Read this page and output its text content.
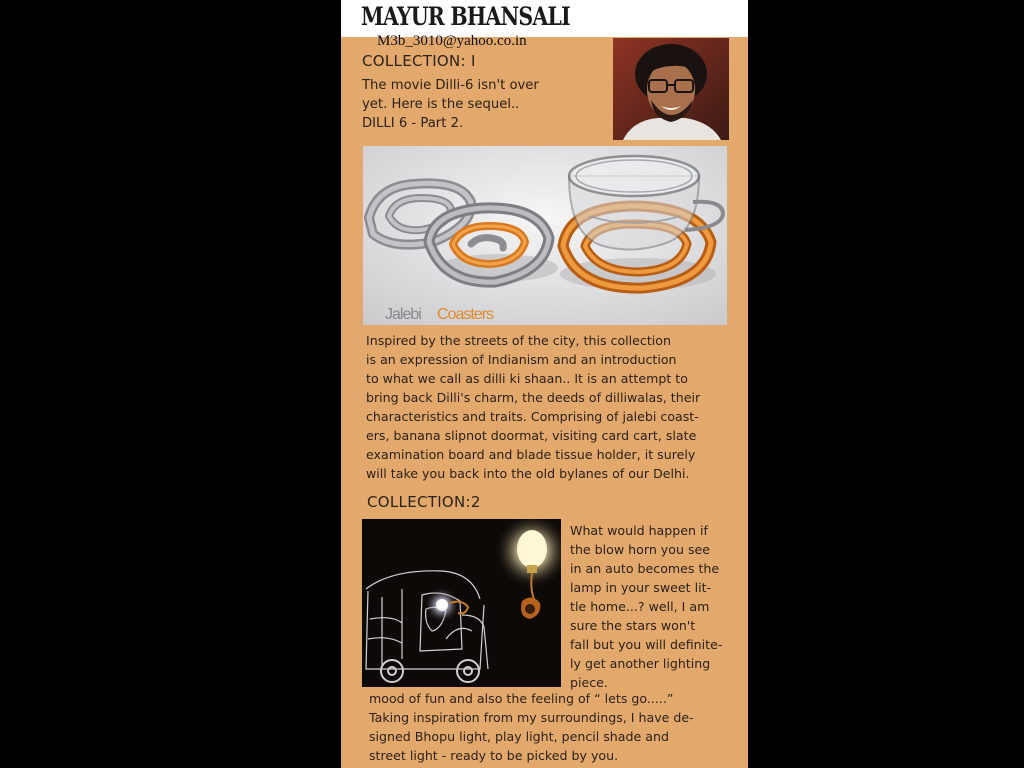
MAYUR BHANSALI
M3b_3010@yahoo.co.in
COLLECTION: I
The movie Dilli-6 isn't over
yet. Here is the sequel..
DILLI 6 - Part 2.
Jalebi Coasters
Inspired by the streets of the city, this collection
is an expression of Indianism and an introduction
to what we call as dilli ki shaan.. It is an attempt to
bring back Dilli's charm, the deeds of dilliwalas, their
characteristics and traits. Comprising of jalebi coast-
ers, banana slipnot doormat, visiting card cart, slate
examination board and blade tissue holder, it surely
will take you back into the old bylanes of our Delhi.
COLLECTION:2
What would happen if
the blow horn you see
in an auto becomes the
lamp in your sweet lit-
tle home...? well, I am
sure the stars won't
fall but you will definite-
ly get another lighting
piece.
mood of fun and also the feeling of “ lets go.....”
Taking inspiration from my surroundings, I have de-
signed Bhopu light, play light, pencil shade and
street light - ready to be picked by you.
